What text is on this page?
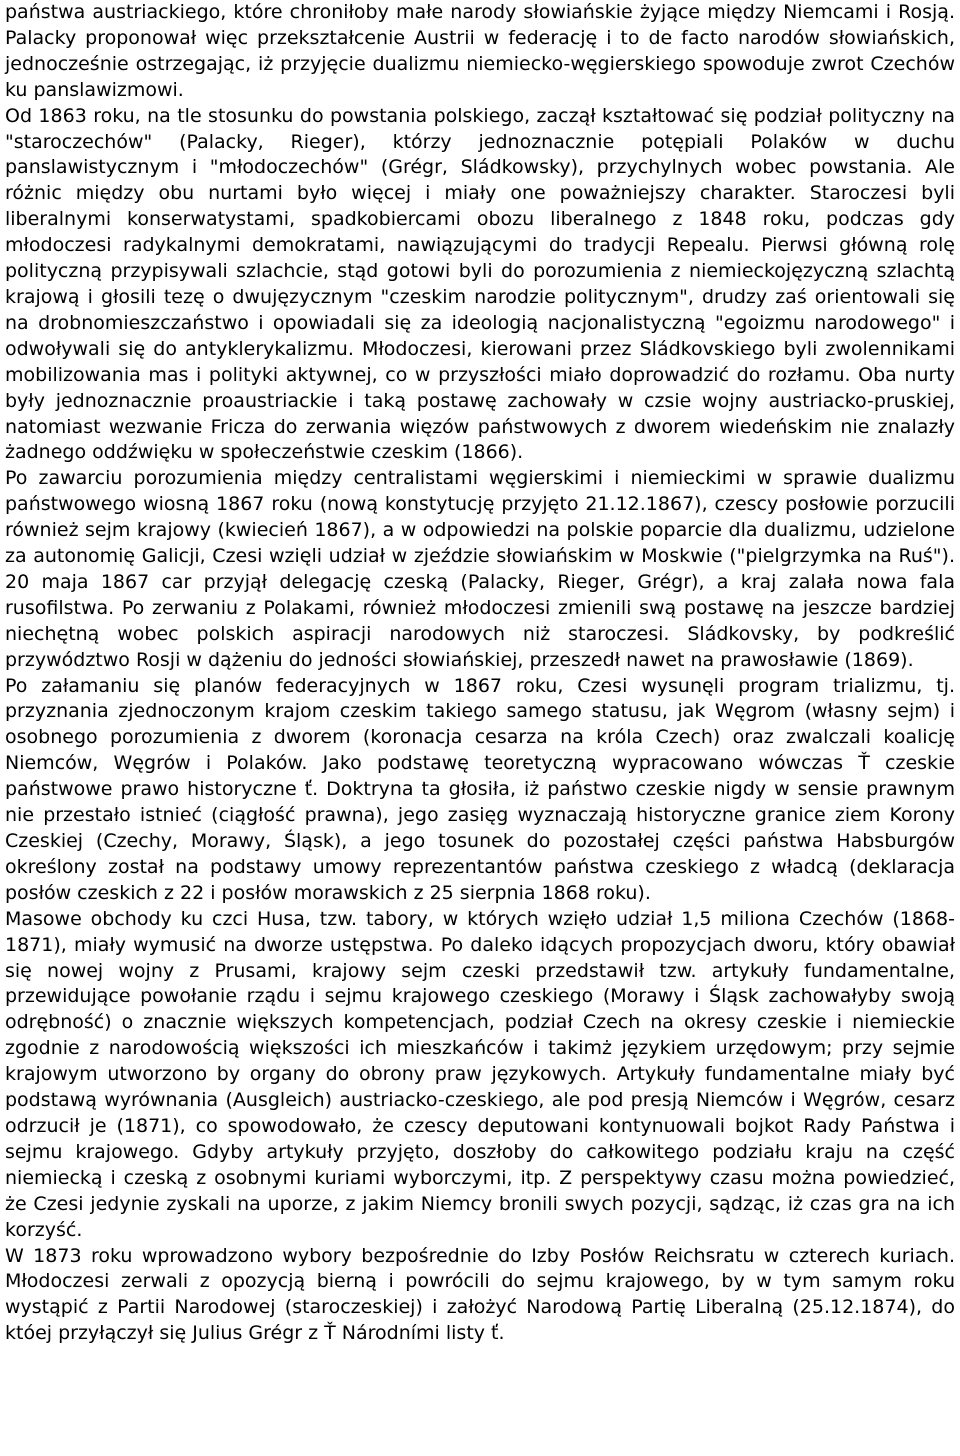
państwa austriackiego, które chroniłoby małe narody słowiańskie żyjące między Niemcami i Rosją. Palacky proponował więc przekształcenie Austrii w federację i to de facto narodów słowiańskich, jednocześnie ostrzegając, iż przyjęcie dualizmu niemiecko-węgierskiego spowoduje zwrot Czechów ku panslawizmowi.

Od 1863 roku, na tle stosunku do powstania polskiego, zaczął kształtować się podział polityczny na "staroczechów" (Palacky, Rieger), którzy jednoznacznie potępiali Polaków w duchu panslawistycznym i "młodoczechów" (Grégr, Sládkowsky), przychylnych wobec powstania. Ale różnic między obu nurtami było więcej i miały one poważniejszy charakter. Staroczesi byli liberalnymi konserwatystami, spadkobiercami obozu liberalnego z 1848 roku, podczas gdy młodoczesi radykalnymi demokratami, nawiązującymi do tradycji Repealu. Pierwsi główną rolę polityczną przypisywali szlachcie, stąd gotowi byli do porozumienia z niemieckojęzyczną szlachtą krajową i głosili tezę o dwujęzycznym "czeskim narodzie politycznym", drudzy zaś orientowali się na drobnomieszczaństwo i opowiadali się za ideologią nacjonalistyczną "egoizmu narodowego" i odwoływali się do antyklerykalizmu. Młodoczesi, kierowani przez Sládkovskiego byli zwolennikami mobilizowania mas i polityki aktywnej, co w przyszłości miało doprowadzić do rozłamu. Oba nurty były jednoznacznie proaustriackie i taką postawę zachowały w czsie wojny austriacko-pruskiej, natomiast wezwanie Fricza do zerwania więzów państwowych z dworem wiedeńskim nie znalazły żadnego oddźwięku w społeczeństwie czeskim (1866).

Po zawarciu porozumienia między centralistami węgierskimi i niemieckimi w sprawie dualizmu państwowego wiosną 1867 roku (nową konstytucję przyjęto 21.12.1867), czescy posłowie porzucili również sejm krajowy (kwiecień 1867), a w odpowiedzi na polskie poparcie dla dualizmu, udzielone za autonomię Galicji, Czesi wzięli udział w zjeździe słowiańskim w Moskwie ("pielgrzymka na Ruś"). 20 maja 1867 car przyjął delegację czeską (Palacky, Rieger, Grégr), a kraj zalała nowa fala rusofilstwa. Po zerwaniu z Polakami, również młodoczesi zmienili swą postawę na jeszcze bardziej niechętną wobec polskich aspiracji narodowych niż staroczesi. Sládkovsky, by podkreślić przywództwo Rosji w dążeniu do jedności słowiańskiej, przeszedł nawet na prawosławie (1869).

Po załamaniu się planów federacyjnych w 1867 roku, Czesi wysunęli program trializmu, tj. przyznania zjednoczonym krajom czeskim takiego samego statusu, jak Węgrom (własny sejm) i osobnego porozumienia z dworem (koronacja cesarza na króla Czech) oraz zwalczali koalicję Niemców, Węgrów i Polaków. Jako podstawę teoretyczną wypracowano wówczas Ť czeskie państwowe prawo historyczne ť. Doktryna ta głosiła, iż państwo czeskie nigdy w sensie prawnym nie przestało istnieć (ciągłość prawna), jego zasięg wyznaczają historyczne granice ziem Korony Czeskiej (Czechy, Morawy, Śląsk), a jego tosunek do pozostałej części państwa Habsburgów określony został na podstawy umowy reprezentantów państwa czeskiego z władcą (deklaracja posłów czeskich z 22 i posłów morawskich z 25 sierpnia 1868 roku).

Masowe obchody ku czci Husa, tzw. tabory, w których wzięło udział 1,5 miliona Czechów (1868-1871), miały wymusić na dworze ustępstwa. Po daleko idących propozycjach dworu, który obawiał się nowej wojny z Prusami, krajowy sejm czeski przedstawił tzw. artykuły fundamentalne, przewidujące powołanie rządu i sejmu krajowego czeskiego (Morawy i Śląsk zachowałyby swoją odrębność) o znacznie większych kompetencjach, podział Czech na okresy czeskie i niemieckie zgodnie z narodowością większości ich mieszkańców i takimż językiem urzędowym; przy sejmie krajowym utworzono by organy do obrony praw językowych. Artykuły fundamentalne miały być podstawą wyrównania (Ausgleich) austriacko-czeskiego, ale pod presją Niemców i Węgrów, cesarz odrzucił je (1871), co spowodowało, że czescy deputowani kontynuowali bojkot Rady Państwa i sejmu krajowego. Gdyby artykuły przyjęto, doszłoby do całkowitego podziału kraju na część niemiecką i czeską z osobnymi kuriami wyborczymi, itp. Z perspektywy czasu można powiedzieć, że Czesi jedynie zyskali na uporze, z jakim Niemcy bronili swych pozycji, sądząc, iż czas gra na ich korzyść.

W 1873 roku wprowadzono wybory bezpośrednie do Izby Posłów Reichsratu w czterech kuriach. Młodoczesi zerwali z opozycją bierną i powrócili do sejmu krajowego, by w tym samym roku wystąpić z Partii Narodowej (staroczeskiej) i założyć Narodową Partię Liberalną (25.12.1874), do któej przyłączył się Julius Grégr z Ť Národními listy ť.
